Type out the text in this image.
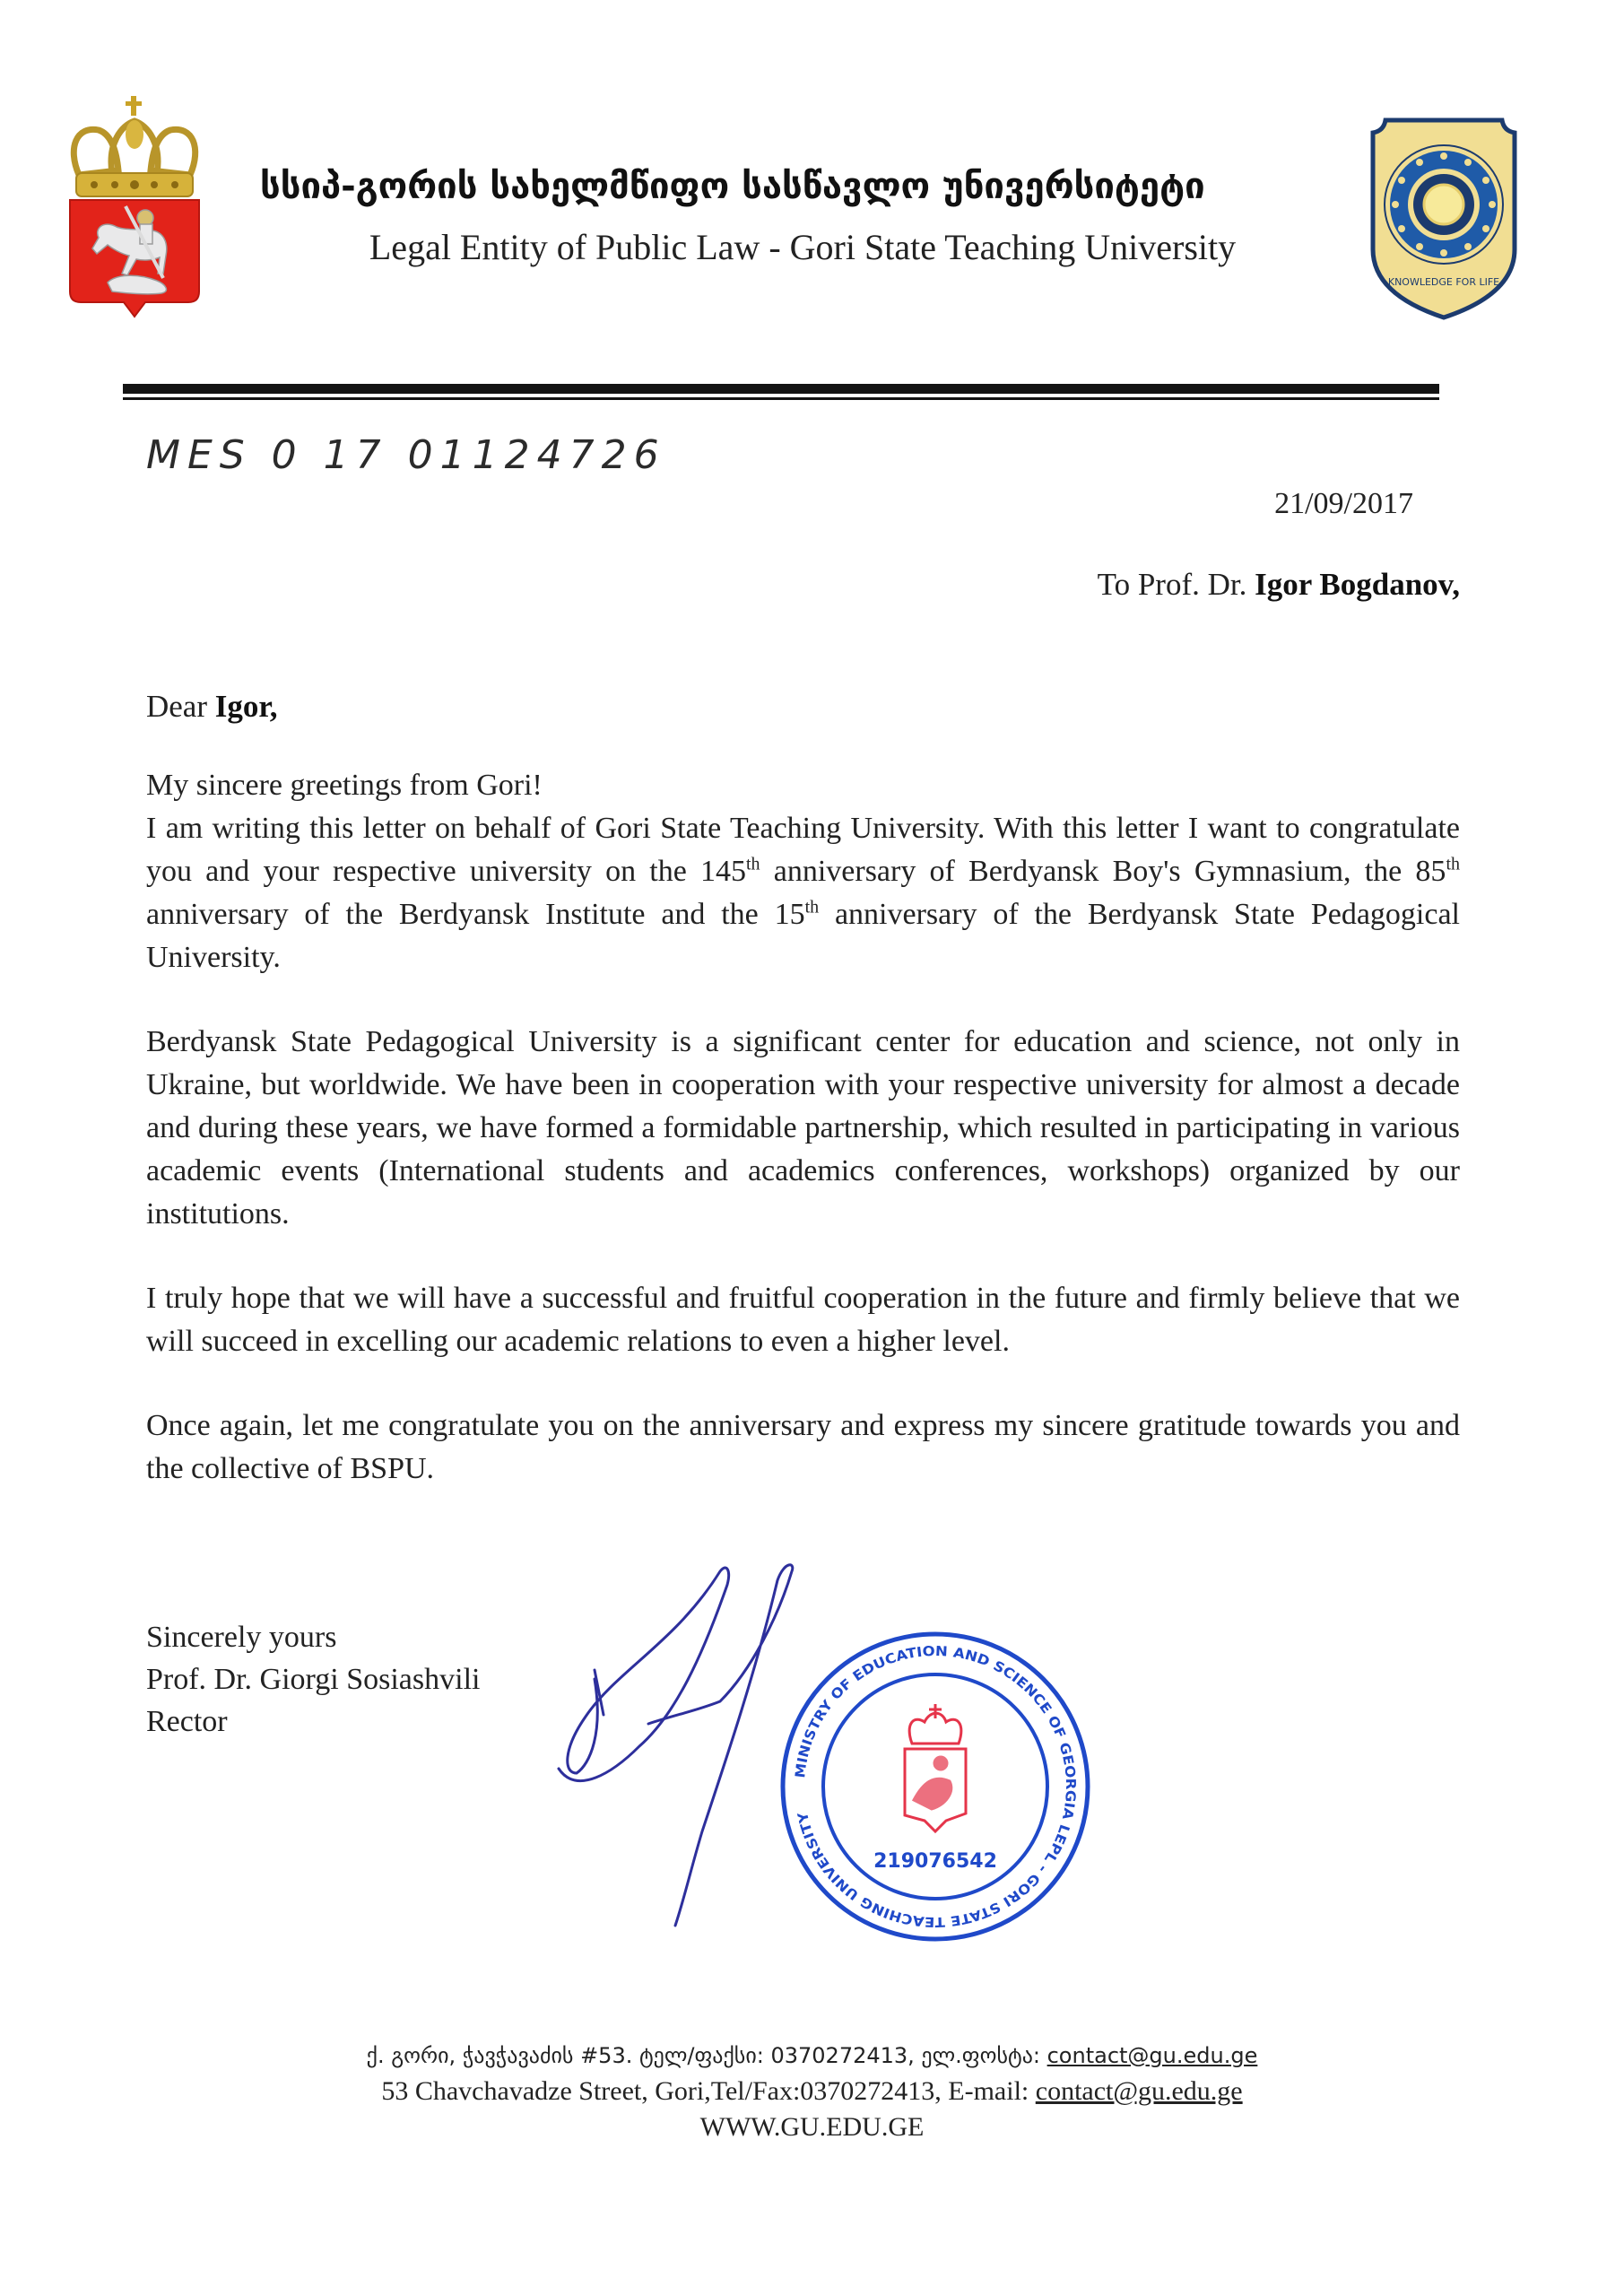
KNOWLEDGE FOR LIFE
სსიპ-გორის სახელმწიფო სასწავლო უნივერსიტეტი
Legal Entity of Public Law - Gori State Teaching University
MES 0 17 01124726
21/09/2017
To Prof. Dr. Igor Bogdanov,
Dear Igor,

My sincere greetings from Gori!

I am writing this letter on behalf of Gori State Teaching University. With this letter I want to congratulate you and your respective university on the 145th anniversary of Berdyansk Boy's Gymnasium, the 85th anniversary of the Berdyansk Institute and the 15th anniversary of the Berdyansk State Pedagogical University.

Berdyansk State Pedagogical University is a significant center for education and science, not only in Ukraine, but worldwide. We have been in cooperation with your respective university for almost a decade and during these years, we have formed a formidable partnership, which resulted in participating in various academic events (International students and academics conferences, workshops) organized by our institutions.

I truly hope that we will have a successful and fruitful cooperation in the future and firmly believe that we will succeed in excelling our academic relations to even a higher level.

Once again, let me congratulate you on the anniversary and express my sincere gratitude towards you and the collective of BSPU.

Sincerely yours
Prof. Dr. Giorgi Sosiashvili
Rector
MINISTRY OF EDUCATION AND SCIENCE OF GEORGIA LEPL - GORI STATE TEACHING UNIVERSITY
219076542
ქ. გორი, ჭავჭავაძის #53. ტელ/ფაქსი: 0370272413, ელ.ფოსტა: contact@gu.edu.ge
53 Chavchavadze Street, Gori,Tel/Fax:0370272413, E-mail: contact@gu.edu.ge
WWW.GU.EDU.GE
